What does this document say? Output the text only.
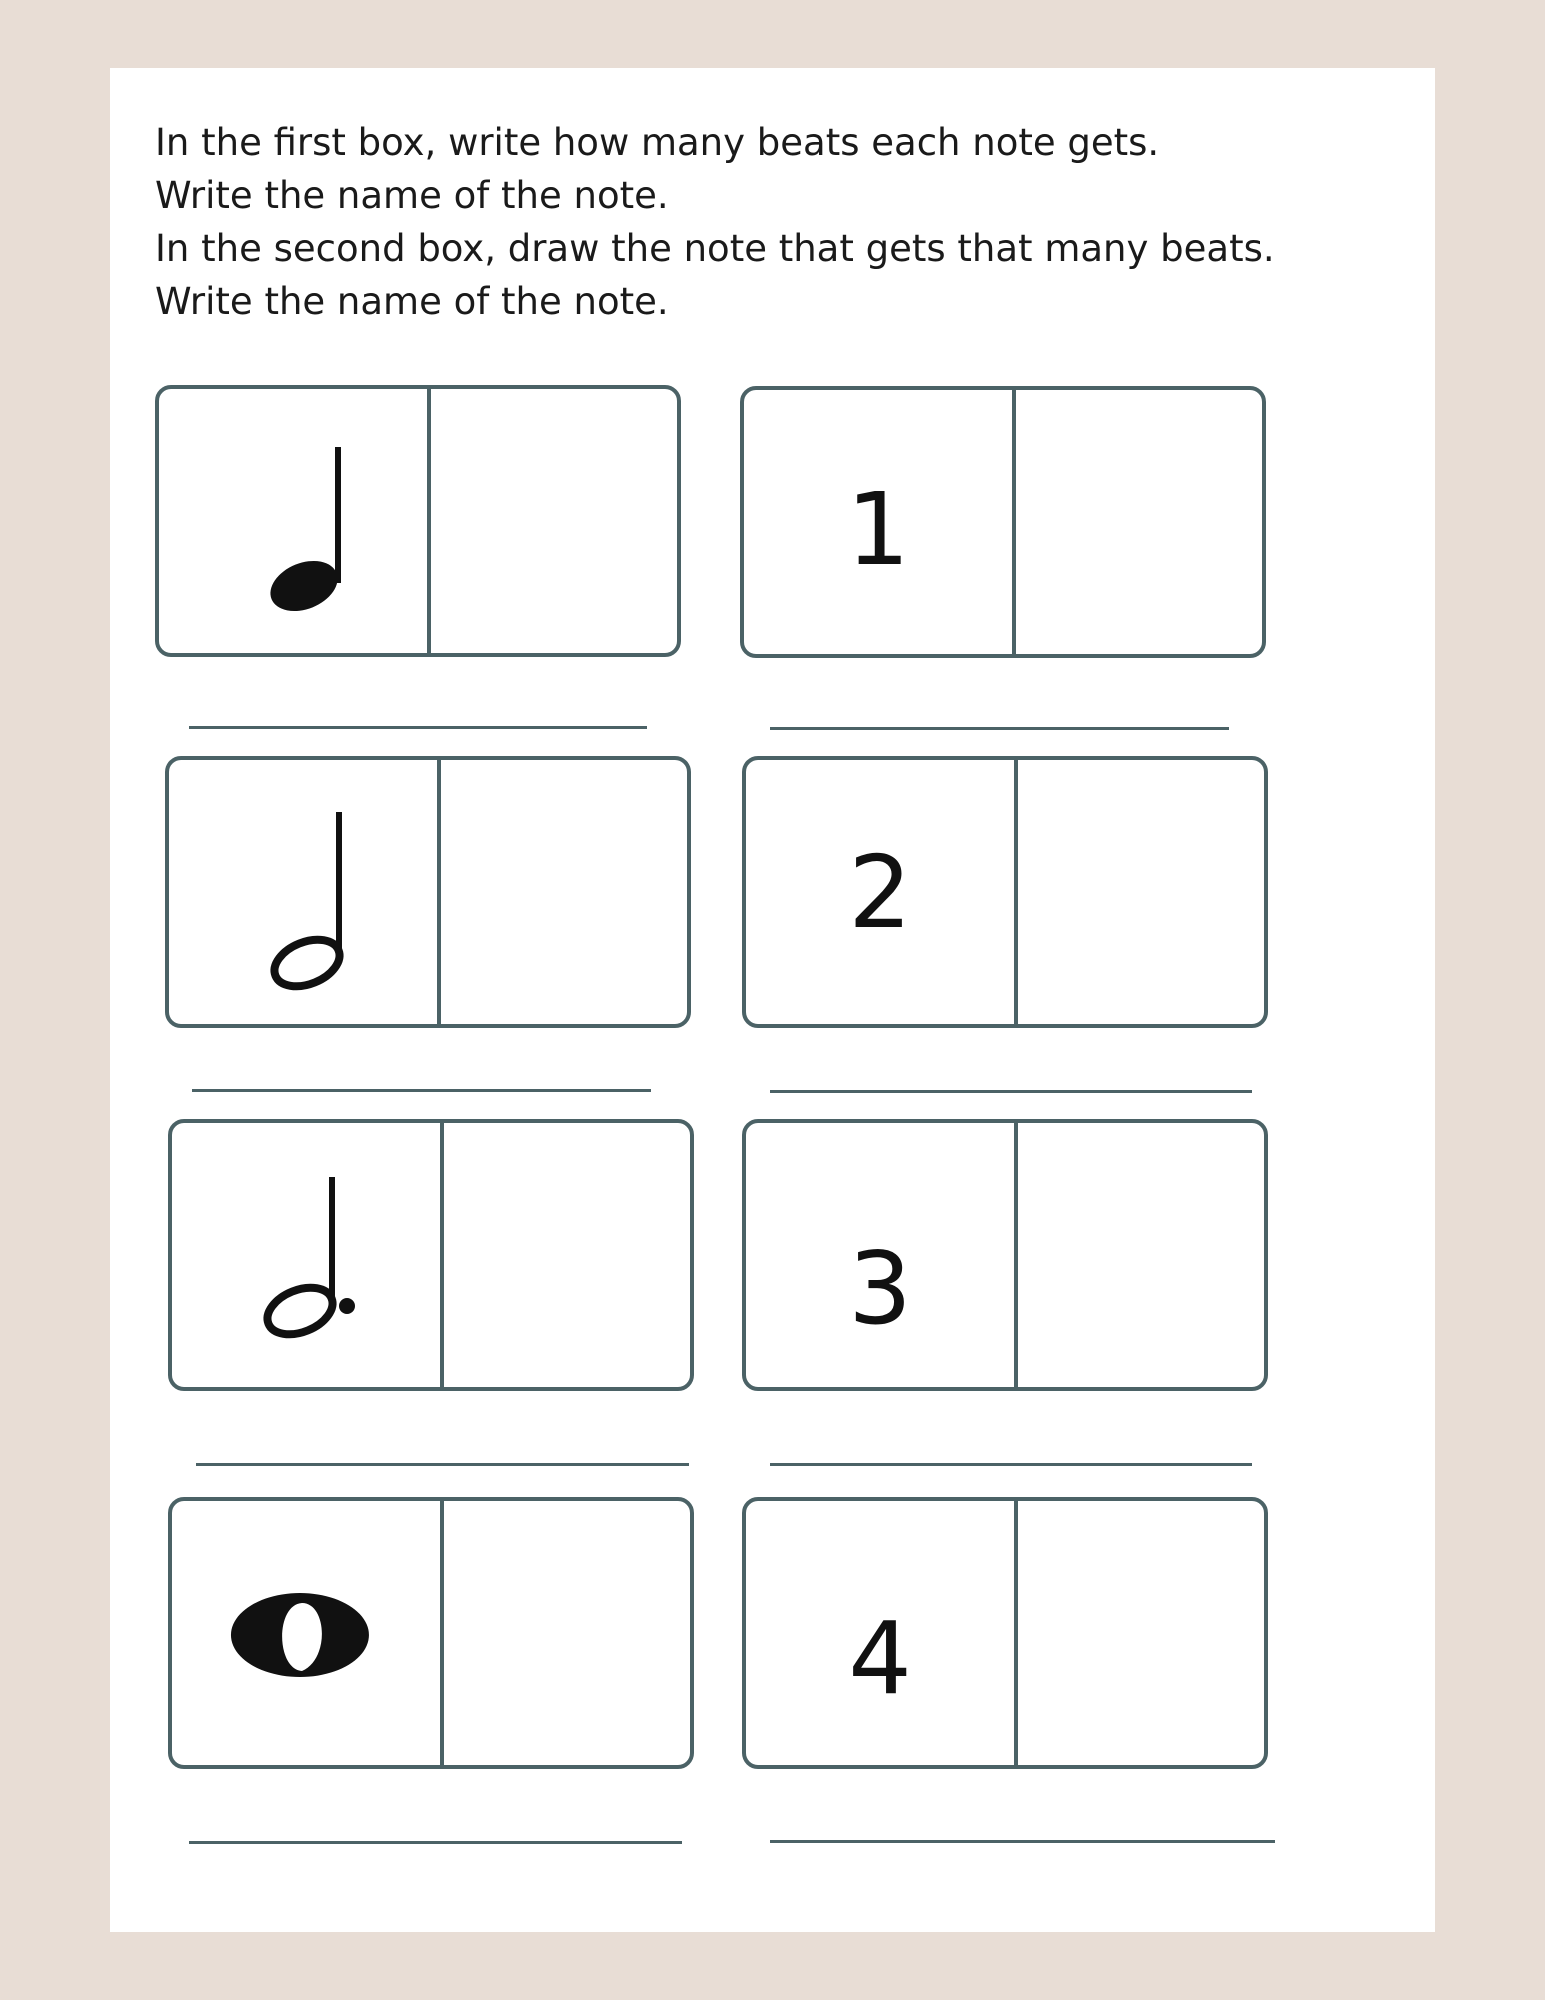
In the first box, write how many beats each note gets.
Write the name of the note.
In the second box, draw the note that gets that many beats.
Write the name of the note.
1
2
3
4
